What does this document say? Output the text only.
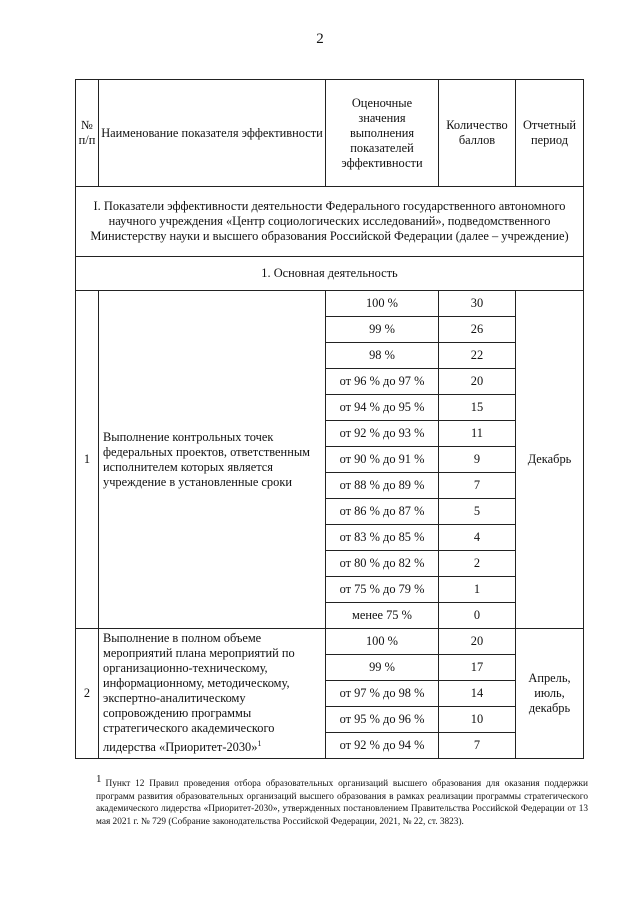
2
№ п/п	Наименование показателя эффективности	Оценочные значения выполнения показателей эффективности	Количество баллов	Отчетный период
I. Показатели эффективности деятельности Федерального государственного автономного научного учреждения «Центр социологических исследований», подведомственного Министерству науки и высшего образования Российской Федерации (далее – учреждение)				
1. Основная деятельность				
1	Выполнение контрольных точек федеральных проектов, ответственным исполнителем которых является учреждение в установленные сроки	100 %	30	Декабрь
		99 %	26	
		98 %	22	
		от 96 % до 97 %	20	
		от 94 % до 95 %	15	
		от 92 % до 93 %	11	
		от 90 % до 91 %	9	
		от 88 % до 89 %	7	
		от 86 % до 87 %	5	
		от 83 % до 85 %	4	
		от 80 % до 82 %	2	
		от 75 % до 79 %	1	
		менее 75 %	0	
2	Выполнение в полном объеме мероприятий плана мероприятий по организационно-техническому, информационному, методическому, экспертно-аналитическому сопровождению программы стратегического академического лидерства «Приоритет-2030»$^1$	100 %	20	Апрель, июль, декабрь
		99 %	17	
		от 97 % до 98 %	14	
		от 95 % до 96 %	10	
		от 92 % до 94 %	7	
1 Пункт 12 Правил проведения отбора образовательных организаций высшего образования для оказания поддержки программ развития образовательных организаций высшего образования в рамках реализации программы стратегического академического лидерства «Приоритет-2030», утвержденных постановлением Правительства Российской Федерации от 13 мая 2021 г. № 729 (Собрание законодательства Российской Федерации, 2021, № 22, ст. 3823).
